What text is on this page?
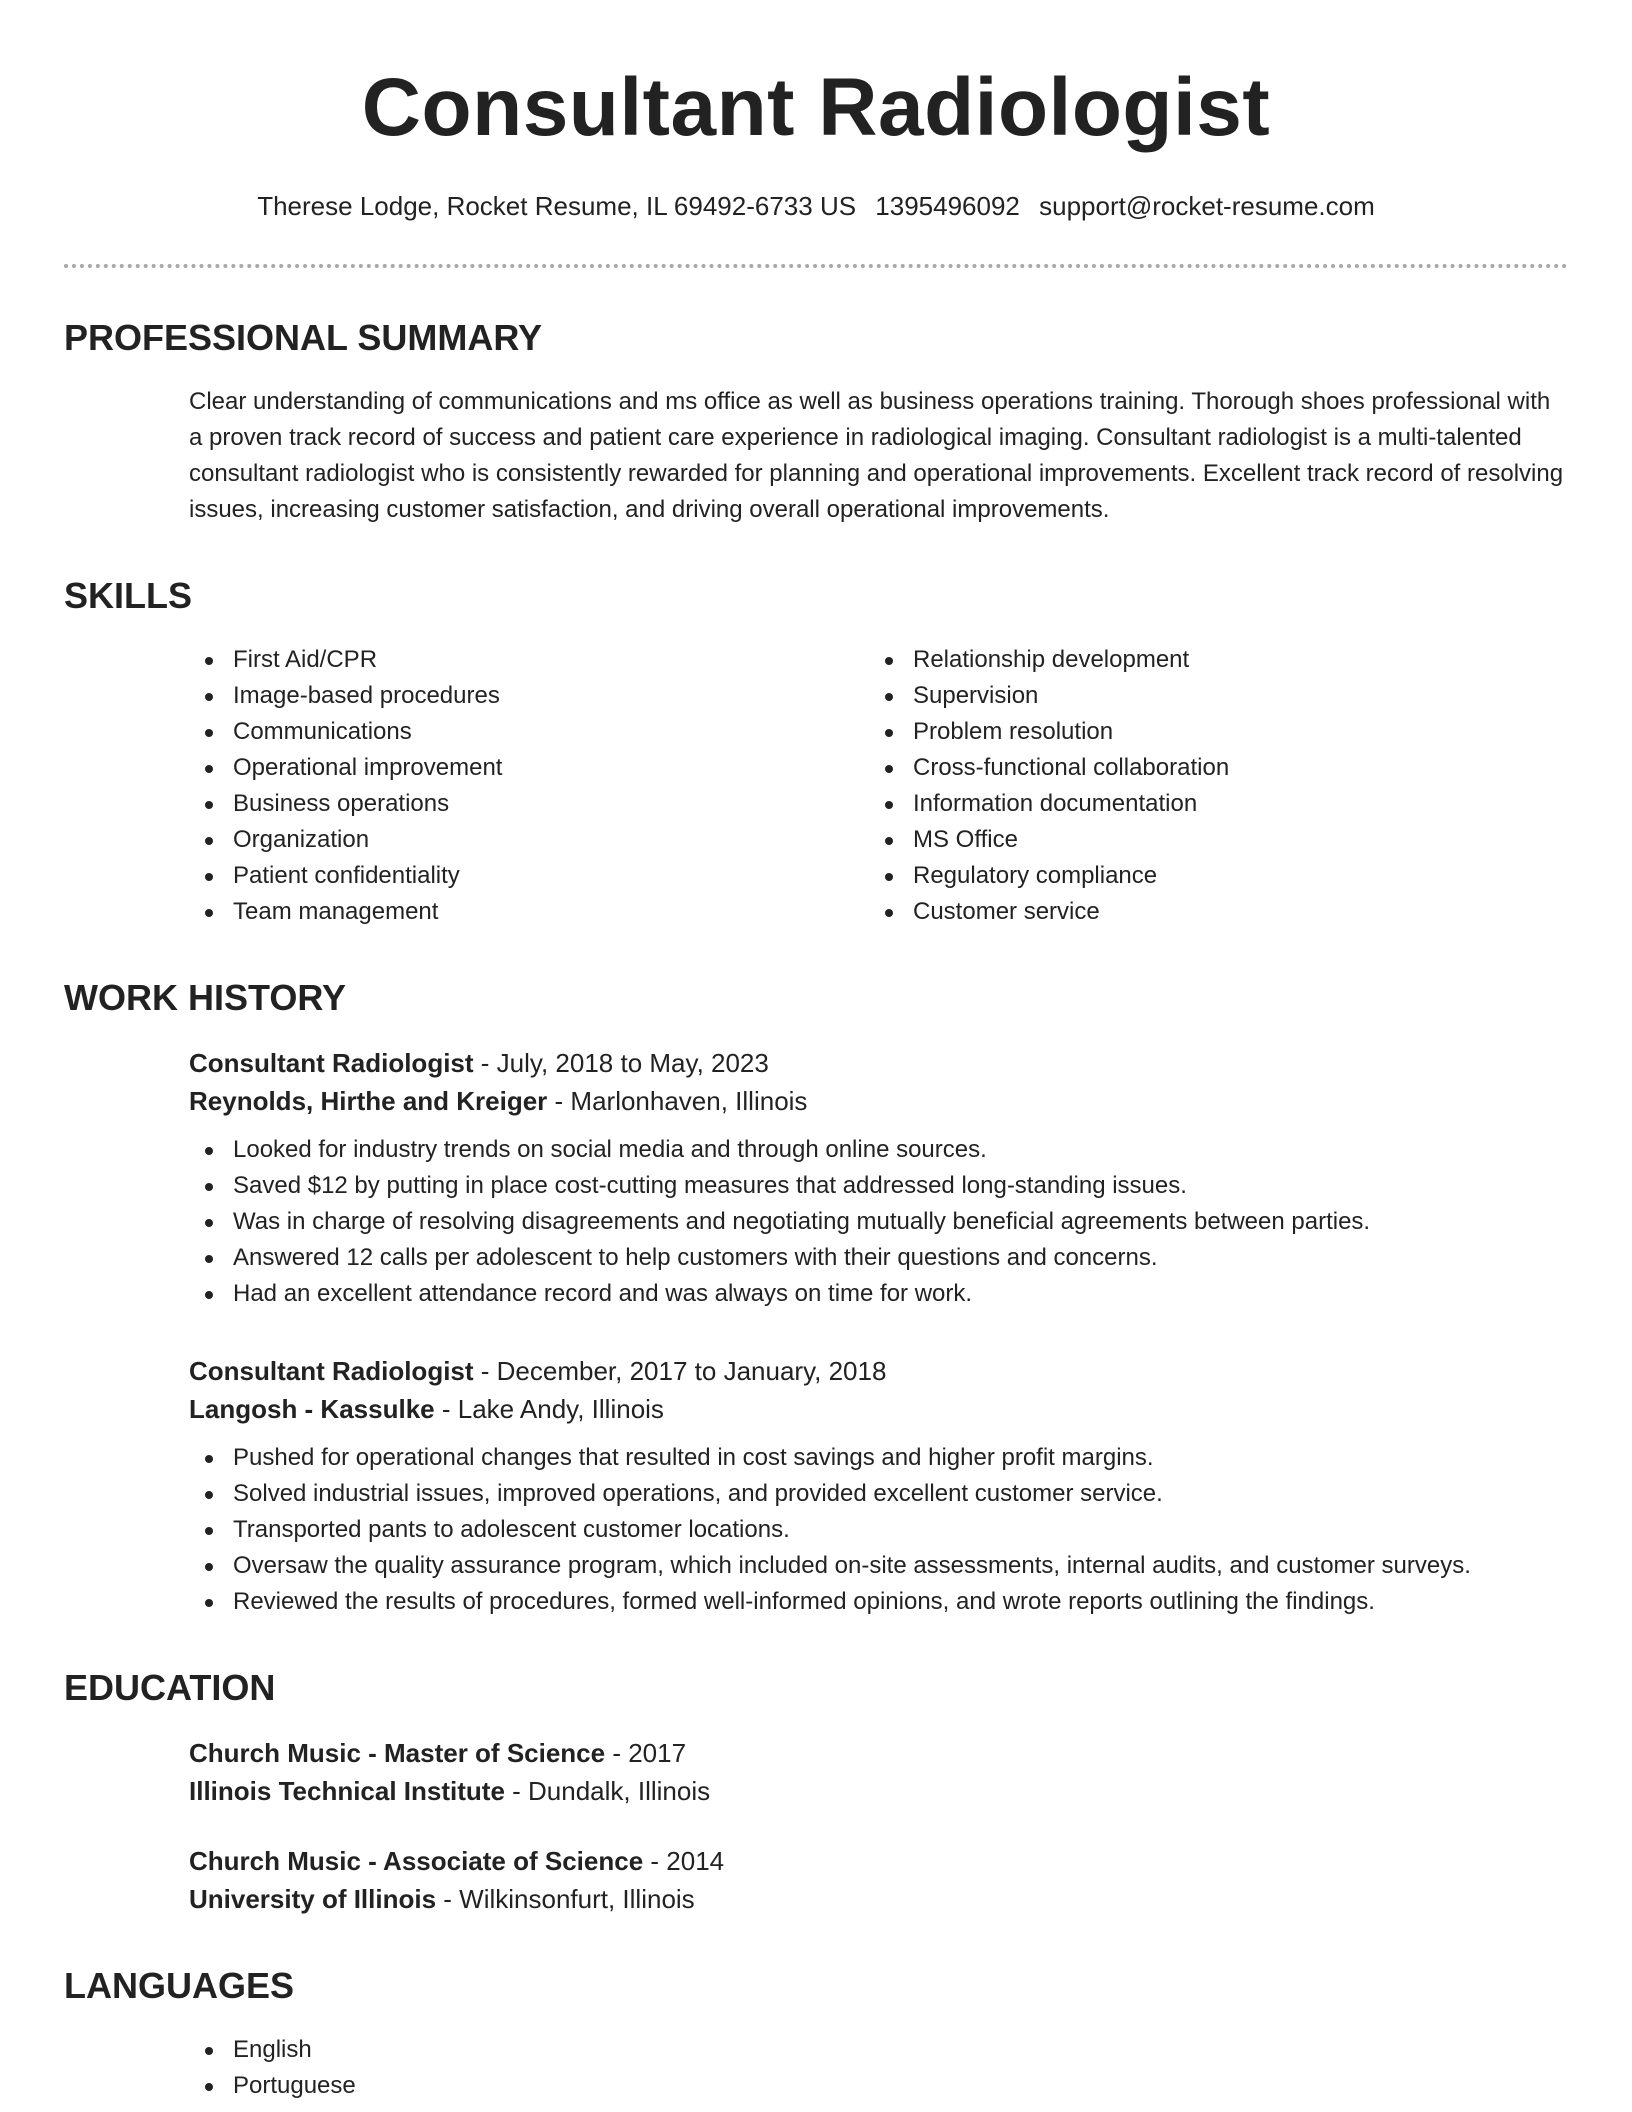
Consultant Radiologist
Therese Lodge, Rocket Resume, IL 69492-6733 US 1395496092 support@rocket-resume.com
PROFESSIONAL SUMMARY
Clear understanding of communications and ms office as well as business operations training. Thorough shoes professional with a proven track record of success and patient care experience in radiological imaging. Consultant radiologist is a multi-talented consultant radiologist who is consistently rewarded for planning and operational improvements. Excellent track record of resolving issues, increasing customer satisfaction, and driving overall operational improvements.
SKILLS
First Aid/CPR
Image-based procedures
Communications
Operational improvement
Business operations
Organization
Patient confidentiality
Team management
Relationship development
Supervision
Problem resolution
Cross-functional collaboration
Information documentation
MS Office
Regulatory compliance
Customer service
WORK HISTORY
Consultant Radiologist - July, 2018 to May, 2023
Reynolds, Hirthe and Kreiger - Marlonhaven, Illinois
Looked for industry trends on social media and through online sources.
Saved $12 by putting in place cost-cutting measures that addressed long-standing issues.
Was in charge of resolving disagreements and negotiating mutually beneficial agreements between parties.
Answered 12 calls per adolescent to help customers with their questions and concerns.
Had an excellent attendance record and was always on time for work.
Consultant Radiologist - December, 2017 to January, 2018
Langosh - Kassulke - Lake Andy, Illinois
Pushed for operational changes that resulted in cost savings and higher profit margins.
Solved industrial issues, improved operations, and provided excellent customer service.
Transported pants to adolescent customer locations.
Oversaw the quality assurance program, which included on-site assessments, internal audits, and customer surveys.
Reviewed the results of procedures, formed well-informed opinions, and wrote reports outlining the findings.
EDUCATION
Church Music - Master of Science - 2017
Illinois Technical Institute - Dundalk, Illinois
Church Music - Associate of Science - 2014
University of Illinois - Wilkinsonfurt, Illinois
LANGUAGES
English
Portuguese
